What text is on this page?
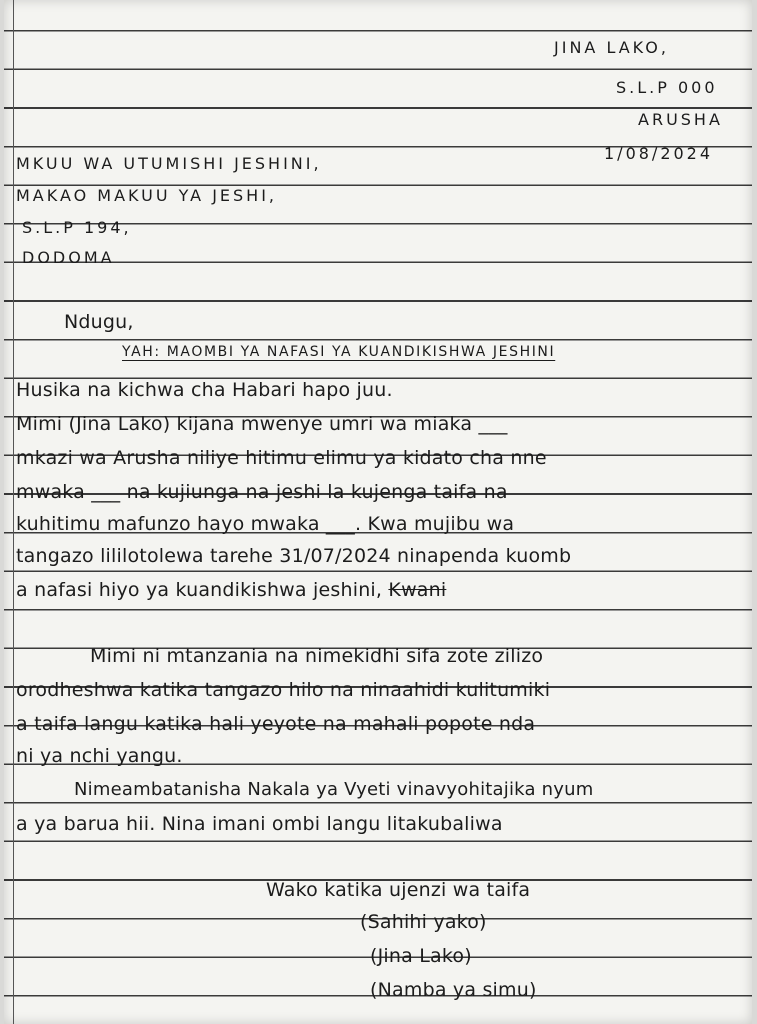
JINA LAKO,
S.L.P 000
ARUSHA
1/08/2024
MKUU WA UTUMISHI JESHINI,
MAKAO MAKUU YA JESHI,
S.L.P 194,
DODOMA
Ndugu,
YAH: MAOMBI YA NAFASI YA KUANDIKISHWA JESHINI
Husika na kichwa cha Habari hapo juu.
Mimi (Jina Lako) kijana mwenye umri wa miaka ___
mkazi wa Arusha niliye hitimu elimu ya kidato cha nne
mwaka ___ na kujiunga na jeshi la kujenga taifa na
kuhitimu mafunzo hayo mwaka ___. Kwa mujibu wa
tangazo lililotolewa tarehe 31/07/2024 ninapenda kuomb
a nafasi hiyo ya kuandikishwa jeshini, Kwani
Mimi ni mtanzania na nimekidhi sifa zote zilizo
orodheshwa katika tangazo hilo na ninaahidi kulitumiki
a taifa langu katika hali yeyote na mahali popote nda
ni ya nchi yangu.
Nimeambatanisha Nakala ya Vyeti vinavyohitajika nyum
a ya barua hii. Nina imani ombi langu litakubaliwa
Wako katika ujenzi wa taifa
(Sahihi yako)
(Jina Lako)
(Namba ya simu)
